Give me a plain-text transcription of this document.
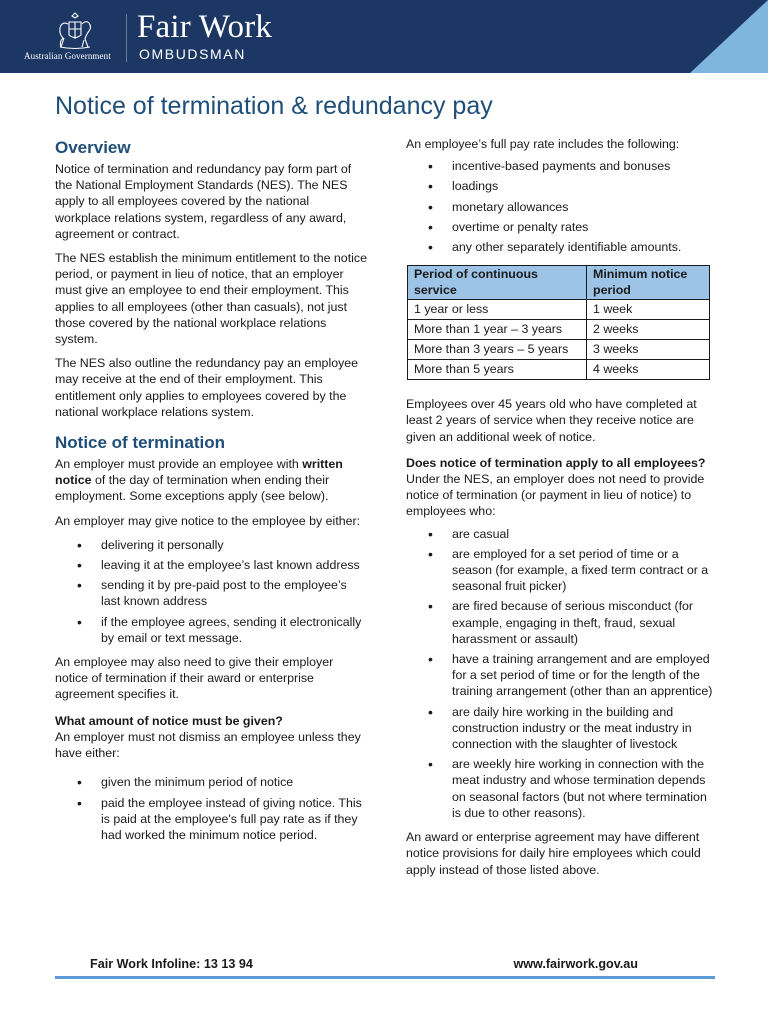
Australian Government
Fair Work
OMBUDSMAN
Notice of termination & redundancy pay
Overview

Notice of termination and redundancy pay form part of the National Employment Standards (NES). The NES apply to all employees covered by the national workplace relations system, regardless of any award, agreement or contract.

The NES establish the minimum entitlement to the notice period, or payment in lieu of notice, that an employer must give an employee to end their employment. This applies to all employees (other than casuals), not just those covered by the national workplace relations system.

The NES also outline the redundancy pay an employee may receive at the end of their employment. This entitlement only applies to employees covered by the national workplace relations system.

Notice of termination

An employer must provide an employee with written notice of the day of termination when ending their employment. Some exceptions apply (see below).

An employer may give notice to the employee by either:

• delivering it personally
• leaving it at the employee’s last known address
• sending it by pre-paid post to the employee’s last known address
• if the employee agrees, sending it electronically by email or text message.

An employee may also need to give their employer notice of termination if their award or enterprise agreement specifies it.

What amount of notice must be given?

An employer must not dismiss an employee unless they have either:

• given the minimum period of notice
• paid the employee instead of giving notice. This is paid at the employee's full pay rate as if they had worked the minimum notice period.

An employee’s full pay rate includes the following:

• incentive-based payments and bonuses
• loadings
• monetary allowances
• overtime or penalty rates
• any other separately identifiable amounts.
Period of continuous service	Minimum notice period
1 year or less	1 week
More than 1 year – 3 years	2 weeks
More than 3 years – 5 years	3 weeks
More than 5 years	4 weeks

Employees over 45 years old who have completed at least 2 years of service when they receive notice are given an additional week of notice.

Does notice of termination apply to all employees?

Under the NES, an employer does not need to provide notice of termination (or payment in lieu of notice) to employees who:

• are casual
• are employed for a set period of time or a season (for example, a fixed term contract or a seasonal fruit picker)
• are fired because of serious misconduct (for example, engaging in theft, fraud, sexual harassment or assault)
• have a training arrangement and are employed for a set period of time or for the length of the training arrangement (other than an apprentice)
• are daily hire working in the building and construction industry or the meat industry in connection with the slaughter of livestock
• are weekly hire working in connection with the meat industry and whose termination depends on seasonal factors (but not where termination is due to other reasons).

An award or enterprise agreement may have different notice provisions for daily hire employees which could apply instead of those listed above.

Fair Work Infoline: 13 13 94	www.fairwork.gov.au
